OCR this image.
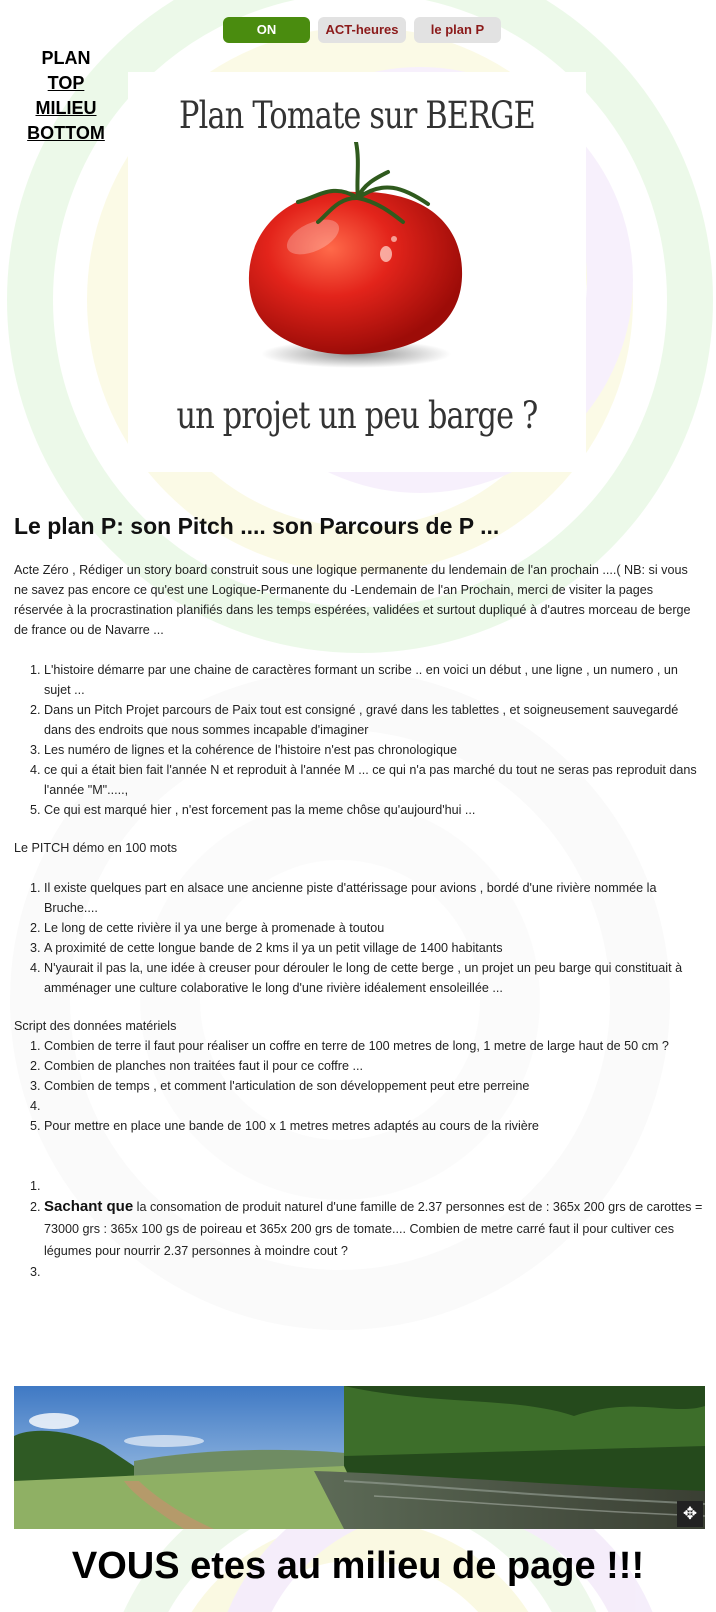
ON	ACT-heures	le plan P
PLAN
TOP
MILIEU
BOTTOM	Plan Tomate sur BERGE
un projet un peu barge ?
Le plan P: son Pitch .... son Parcours de P ...

Acte Zéro , Rédiger un story board construit sous une logique permanente du lendemain de l'an prochain ....( NB: si vous ne savez pas encore ce qu'est une Logique-Permanente du -Lendemain de l'an Prochain, merci de visiter la pages réservée à la procrastination planifiés dans les temps espérées, validées et surtout dupliqué à d'autres morceau de berge de france ou de Navarre ...

1. L'histoire démarre par une chaine de caractères formant un scribe .. en voici un début , une ligne , un numero , un sujet ...
2. Dans un Pitch Projet parcours de Paix tout est consigné , gravé dans les tablettes , et soigneusement sauvegardé dans des endroits que nous sommes incapable d'imaginer
3. Les numéro de lignes et la cohérence de l'histoire n'est pas chronologique
4. ce qui a était bien fait l'année N et reproduit à l'année M ... ce qui n'a pas marché du tout ne seras pas reproduit dans l'année "M".....,
5. Ce qui est marqué hier , n'est forcement pas la meme chôse qu'aujourd'hui ...

Le PITCH démo en 100 mots

1. Il existe quelques part en alsace une ancienne piste d'attérissage pour avions , bordé d'une rivière nommée la Bruche....
2. Le long de cette rivière il ya une berge à promenade à toutou
3. A proximité de cette longue bande de 2 kms il ya un petit village de 1400 habitants
4. N'yaurait il pas la, une idée à creuser pour dérouler le long de cette berge , un projet un peu barge qui constituait à amménager une culture colaborative le long d'une rivière idéalement ensoleillée ...
Script des données matériels
1. Combien de terre il faut pour réaliser un coffre en terre de 100 metres de long, 1 metre de large haut de 50 cm ?
2. Combien de planches non traitées faut il pour ce coffre ...
3. Combien de temps , et comment l'articulation de son développement peut etre perreine
4.
5. Pour mettre en place une bande de 100 x 1 metres metres adaptés au cours de la rivière
1.
2. Sachant que la consomation de produit naturel d'une famille de 2.37 personnes est de : 365x 200 grs de carottes = 73000 grs : 365x 100 gs de poireau et 365x 200 grs de tomate.... Combien de metre carré faut il pour cultiver ces légumes pour nourrir 2.37 personnes à moindre cout ?
3.
✥
VOUS etes au milieu de page !!!
